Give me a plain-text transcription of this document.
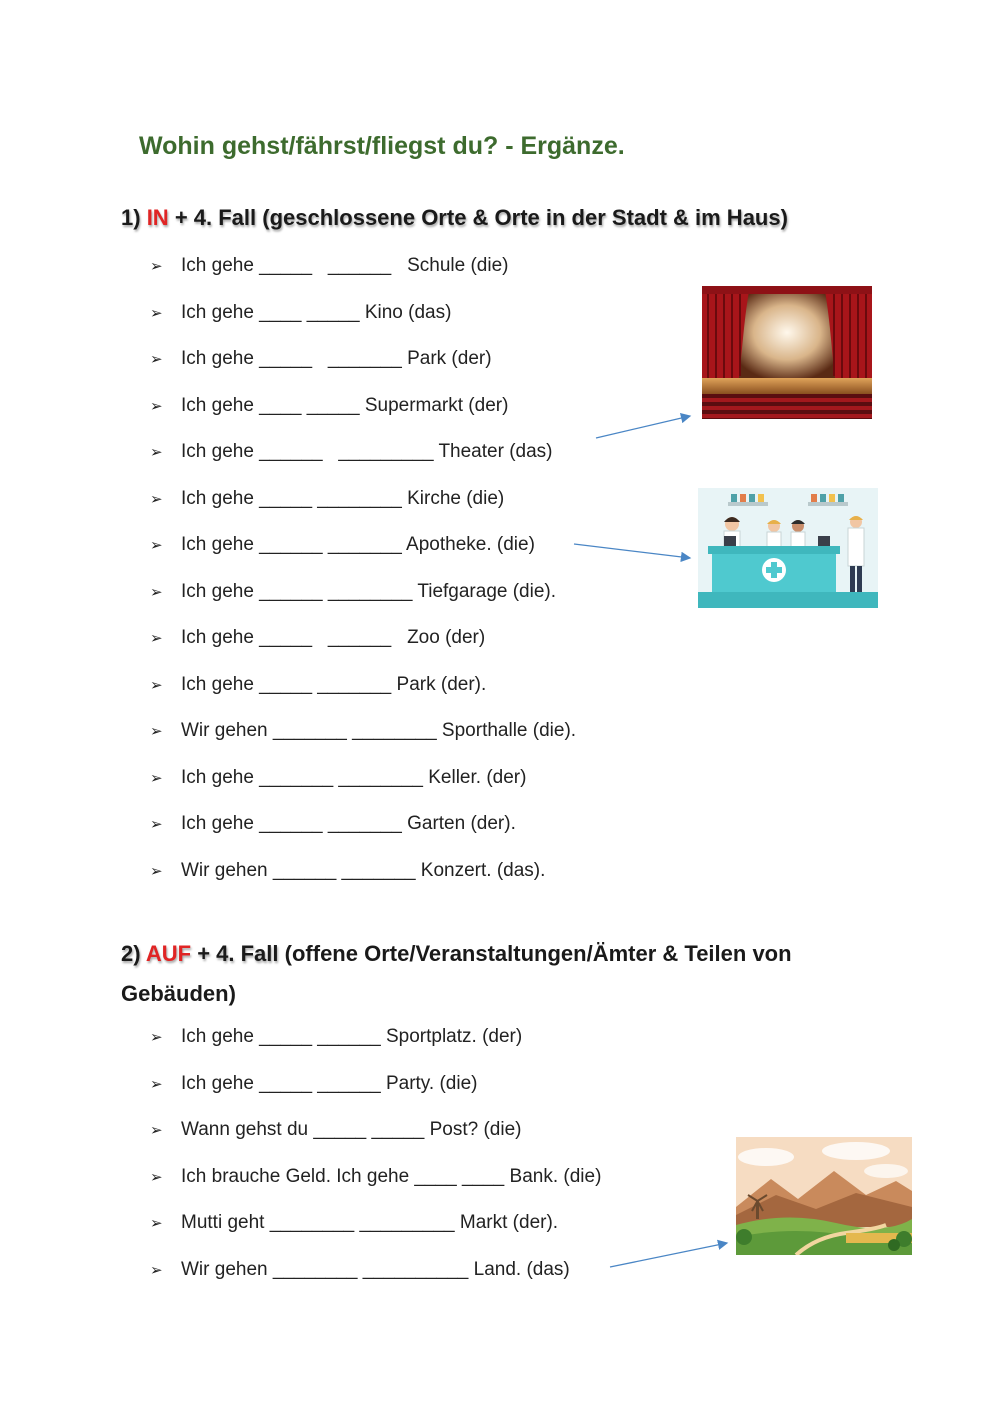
Wohin gehst/fährst/fliegst du? - Ergänze.
1) IN + 4. Fall (geschlossene Orte & Orte in der Stadt & im Haus)
➢ Ich gehe _____   ______   Schule (die)
➢ Ich gehe ____ _____ Kino (das)
➢ Ich gehe _____   _______ Park (der)
➢ Ich gehe ____ _____ Supermarkt (der)
➢ Ich gehe ______   _________ Theater (das)
➢ Ich gehe _____ ________ Kirche (die)
➢ Ich gehe ______ _______ Apotheke. (die)
➢ Ich gehe ______ ________ Tiefgarage (die).
➢ Ich gehe _____   ______   Zoo (der)
➢ Ich gehe _____ _______ Park (der).
➢ Wir gehen _______ ________ Sporthalle (die).
➢ Ich gehe _______ ________ Keller. (der)
➢ Ich gehe ______ _______ Garten (der).
➢ Wir gehen ______ _______ Konzert. (das).
2) AUF + 4. Fall (offene Orte/Veranstaltungen/Ämter & Teilen von Gebäuden)
➢ Ich gehe _____ ______ Sportplatz. (der)
➢ Ich gehe _____ ______ Party. (die)
➢ Wann gehst du _____ _____ Post? (die)
➢ Ich brauche Geld. Ich gehe ____ ____ Bank. (die)
➢ Mutti geht ________ _________ Markt (der).
➢ Wir gehen ________ __________ Land. (das)
